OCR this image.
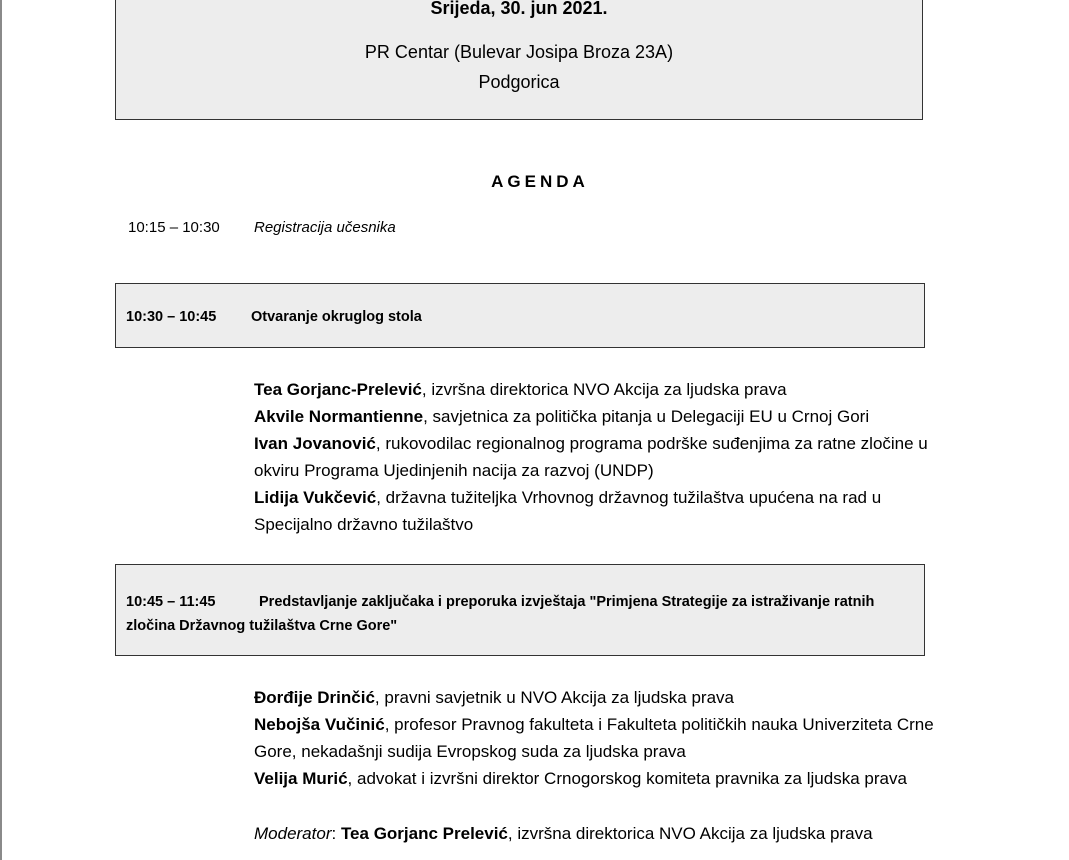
Srijeda, 30. jun 2021.
PR Centar (Bulevar Josipa Broza 23A)
Podgorica
AGENDA
10:15 – 10:30 Registracija učesnika
10:30 – 10:45 Otvaranje okruglog stola

Tea Gorjanc-Prelević, izvršna direktorica NVO Akcija za ljudska prava

Akvile Normantienne, savjetnica za politička pitanja u Delegaciji EU u Crnoj Gori

Ivan Jovanović, rukovodilac regionalnog programa podrške suđenjima za ratne zločine u okviru Programa Ujedinjenih nacija za razvoj (UNDP)

Lidija Vukčević, državna tužiteljka Vrhovnog državnog tužilaštva upućena na rad u Specijalno državno tužilaštvo

10:45 – 11:45	Predstavljanje zaključaka i preporuka izvještaja "Primjena Strategije za istraživanje ratnih zločina Državnog tužilaštva Crne Gore"

Đorđije Drinčić, pravni savjetnik u NVO Akcija za ljudska prava

Nebojša Vučinić, profesor Pravnog fakulteta i Fakulteta političkih nauka Univerziteta Crne Gore, nekadašnji sudija Evropskog suda za ljudska prava

Velija Murić, advokat i izvršni direktor Crnogorskog komiteta pravnika za ljudska prava

Moderator: Tea Gorjanc Prelević, izvršna direktorica NVO Akcija za ljudska prava
